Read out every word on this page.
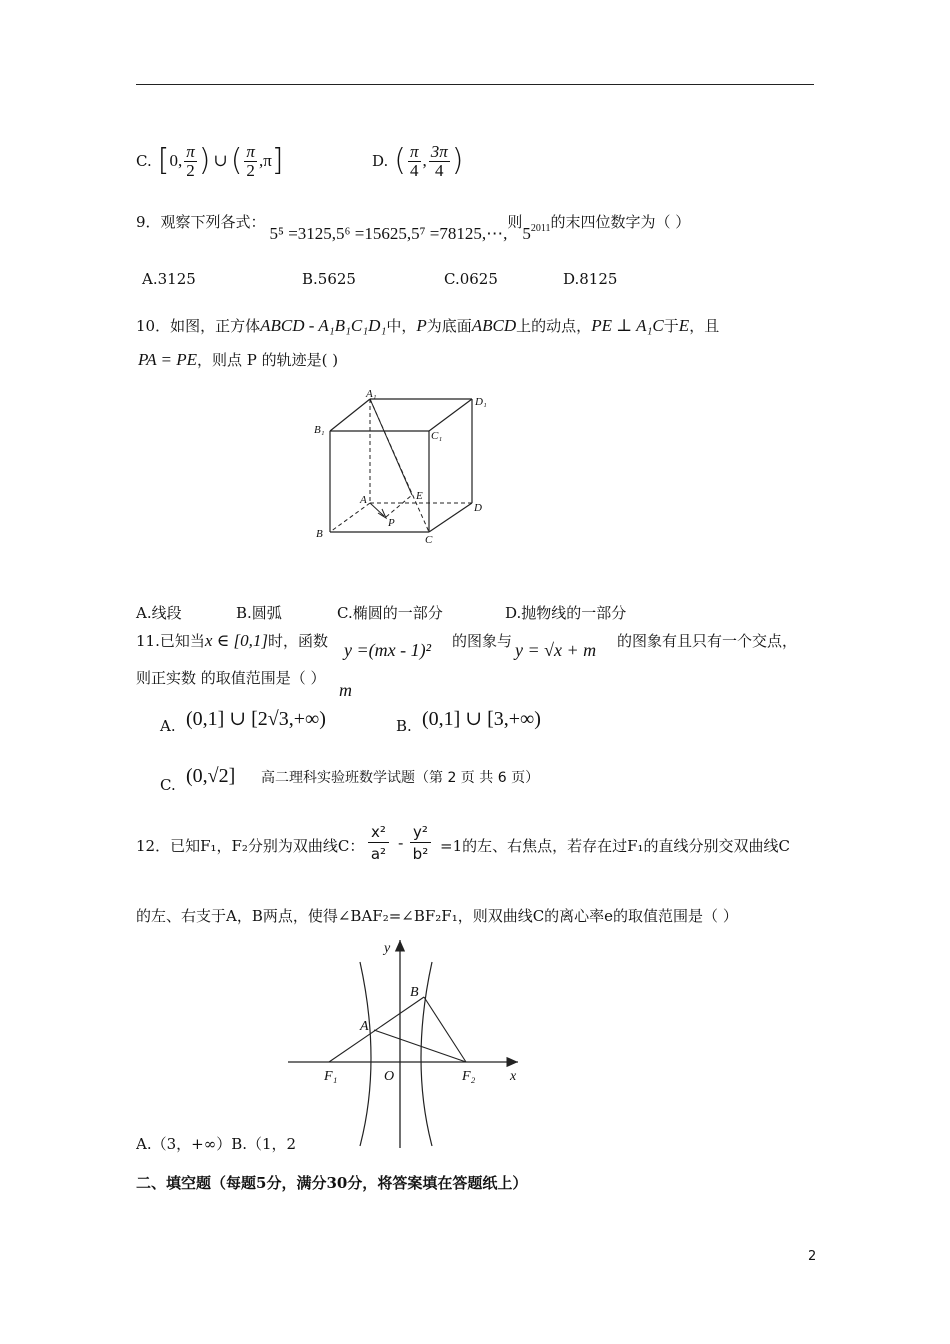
C. [ 0, $\frac{\pi}{2}$ ) ∪ ( $\frac{\pi}{2} ,\pi$ ]	D. ( $\frac{\pi}{4}$ , $\frac{3\pi}{4}$ )
9．观察下列各式：
5⁵ =3125,5⁶ =15625,5⁷ =78125,⋯,
则
$5^{2011}$ 的末四位数字为（ ）
A.3125	B.5625	C.0625	D.8125
10．如图，正方体ABCD - A₁B₁C₁D₁中，P为底面ABCD上的动点，PE ⊥ A₁C于E，且
PA = PE，则点 P 的轨迹是( )
A₁
D₁
B₁	C₁
A	E
D
P
B	C
A.线段	B.圆弧	C.椭圆的一部分	D.抛物线的一部分
11.已知当x ∈ [0,1]时，函数 y =(mx - 1)² 的图象与 y = √x + m 的图象有且只有一个交点，
则正实数 的取值范围是（ ）
m
A. (0,1] ∪ [2√3,+∞)	B. (0,1] ∪ [3,+∞)
C. (0,√2] 高二理科实验班数学试题（第 2 页 共 6 页）
12．已知F₁，F₂分别为双曲线C：
x²
a²
-
y²
b² =1的左、右焦点，若存在过F₁的直线分别交双曲线C
的左、右支于A，B两点，使得∠BAF₂=∠BF₂F₁，则双曲线C的离心率e的取值范围是（ ）
y
x
B
A
F₁	O	F₂
A.（3，+∞）B.（1，2
二、填空题（每题5分，满分30分，将答案填在答题纸上）
2
